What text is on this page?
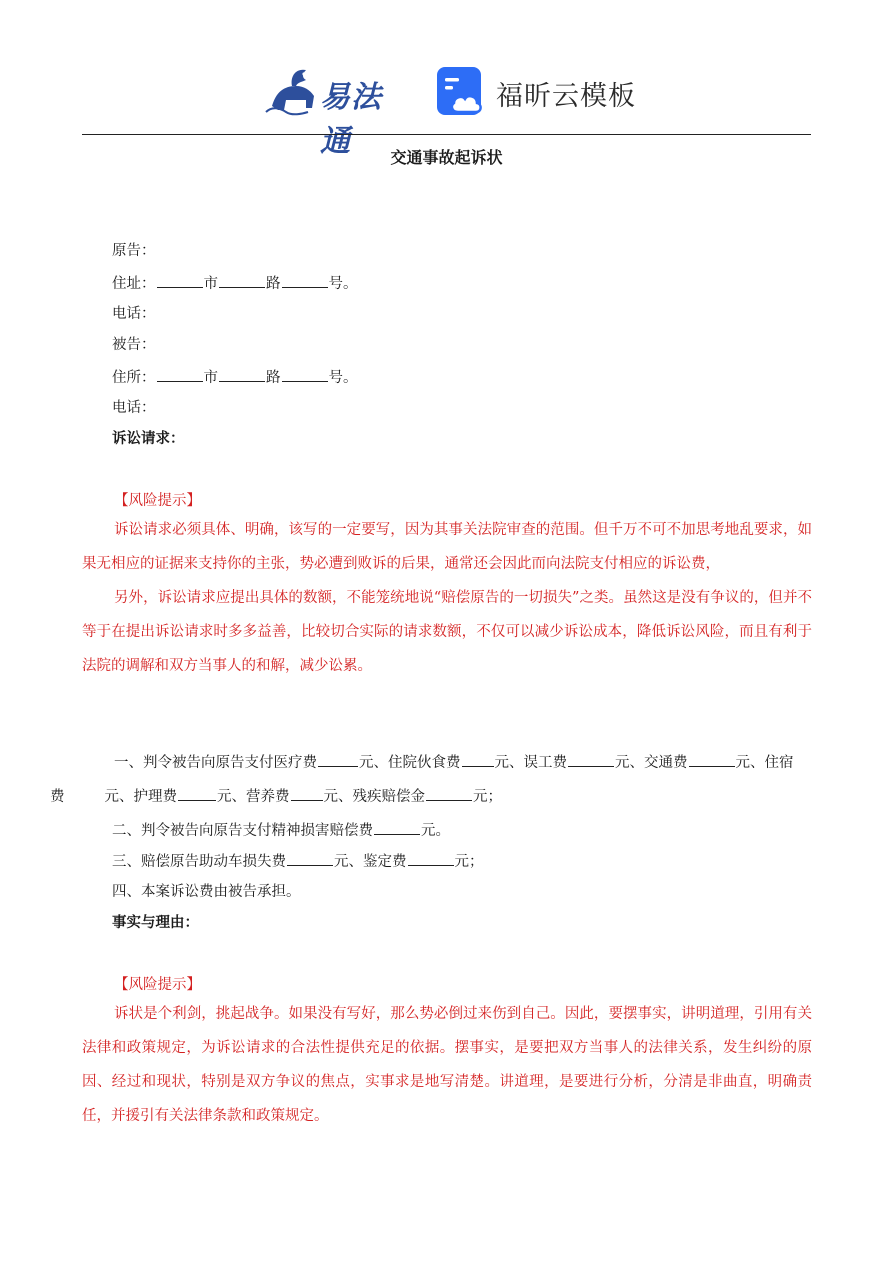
易法通
福昕云模板
交通事故起诉状
原告：
住址：	市	路	号。
电话：
被告：
住所：	市	路	号。
电话：
诉讼请求：
【风险提示】
诉讼请求必须具体、明确，该写的一定要写，因为其事关法院审查的范围。但千万不可不加思考地乱要求，如果无相应的证据来支持你的主张，势必遭到败诉的后果，通常还会因此而向法院支付相应的诉讼费，
另外，诉讼请求应提出具体的数额，不能笼统地说“赔偿原告的一切损失”之类。虽然这是没有争议的，但并不等于在提出诉讼请求时多多益善，比较切合实际的请求数额，不仅可以减少诉讼成本，降低诉讼风险，而且有利于法院的调解和双方当事人的和解，减少讼累。
一、判令被告向原告支付医疗费	元、住院伙食费 元、误工费	元、交通费	元、住宿
费	元、护理费	元、营养费 元、残疾赔偿金	元；
二、判令被告向原告支付精神损害赔偿费	元。
三、赔偿原告助动车损失费	元、鉴定费	元；
四、本案诉讼费由被告承担。
事实与理由：
【风险提示】
诉状是个利剑，挑起战争。如果没有写好，那么势必倒过来伤到自己。因此，要摆事实，讲明道理，引用有关法律和政策规定，为诉讼请求的合法性提供充足的依据。摆事实，是要把双方当事人的法律关系，发生纠纷的原因、经过和现状，特别是双方争议的焦点，实事求是地写清楚。讲道理，是要进行分析，分清是非曲直，明确责任，并援引有关法律条款和政策规定。
